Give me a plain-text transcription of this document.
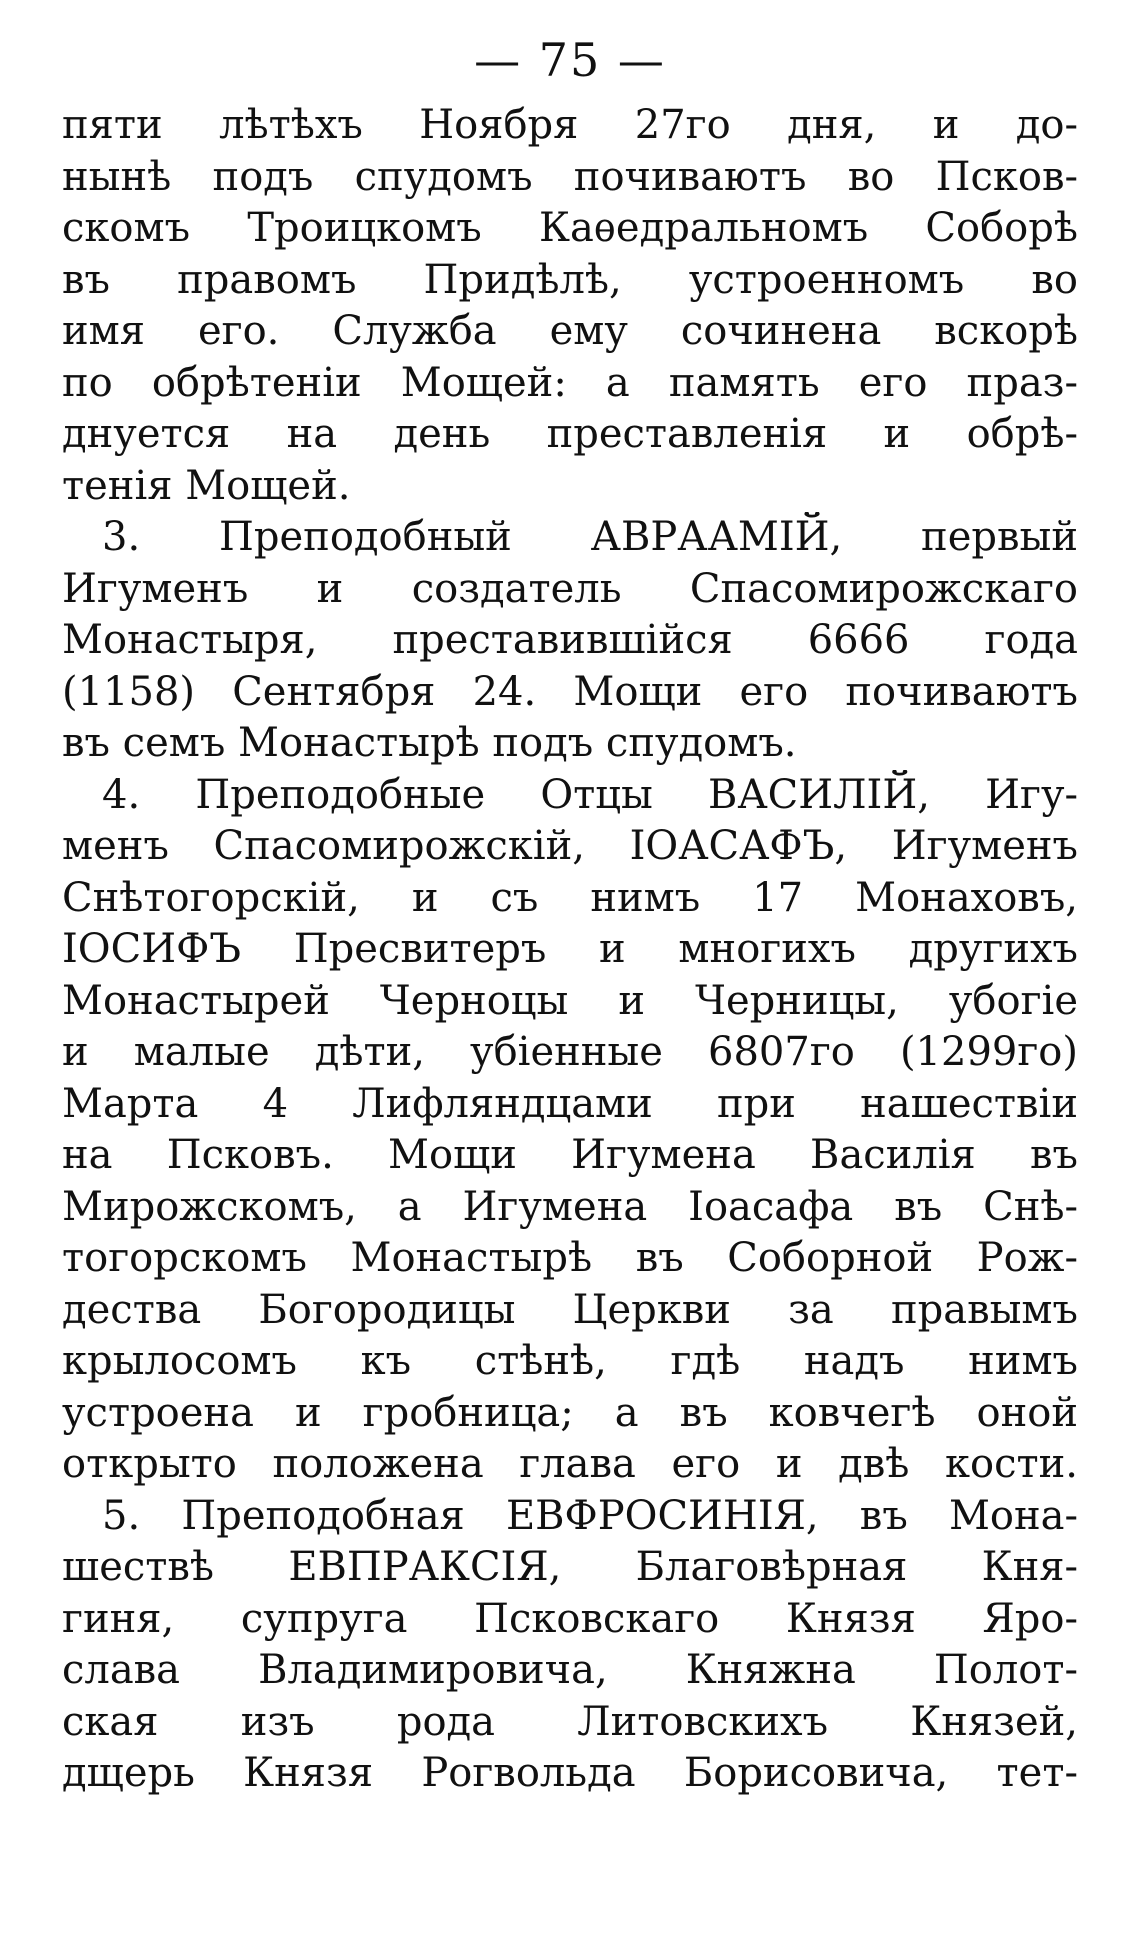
— 75 —
пяти лѣтѣхъ Ноября 27го дня, и до-
нынѣ подъ спудомъ почиваютъ во Псков-
скомъ Троицкомъ Каѳедральномъ Соборѣ
въ правомъ Придѣлѣ, устроенномъ во
имя его. Служба ему сочинена вскорѣ
по обрѣтеніи Мощей: а память его праз-
днуется на день преставленія и обрѣ-
тенія Мощей.
3. Преподобный АВРААМІЙ, первый
Игуменъ и создатель Спасомирожскаго
Монастыря, преставившійся 6666 года
(1158) Сентября 24. Мощи его почиваютъ
въ семъ Монастырѣ подъ спудомъ.
4. Преподобные Отцы ВАСИЛІЙ, Игу-
менъ Спасомирожскій, ІОАСАФЪ, Игуменъ
Снѣтогорскій, и съ нимъ 17 Монаховъ,
ІОСИФЪ Пресвитеръ и многихъ другихъ
Монастырей Черноцы и Черницы, убогіе
и малые дѣти, убіенные 6807го (1299го)
Марта 4 Лифляндцами при нашествіи
на Псковъ. Мощи Игумена Василія въ
Мирожскомъ, а Игумена Іоасафа въ Снѣ-
тогорскомъ Монастырѣ въ Соборной Рож-
дества Богородицы Церкви за правымъ
крылосомъ къ стѣнѣ, гдѣ надъ нимъ
устроена и гробница; а въ ковчегѣ оной
открыто положена глава его и двѣ кости.
5. Преподобная ЕВФРОСИНІЯ, въ Мона-
шествѣ ЕВПРАКСІЯ, Благовѣрная Кня-
гиня, супруга Псковскаго Князя Яро-
слава Владимировича, Княжна Полот-
ская изъ рода Литовскихъ Князей,
дщерь Князя Рогвольда Борисовича, тет-
